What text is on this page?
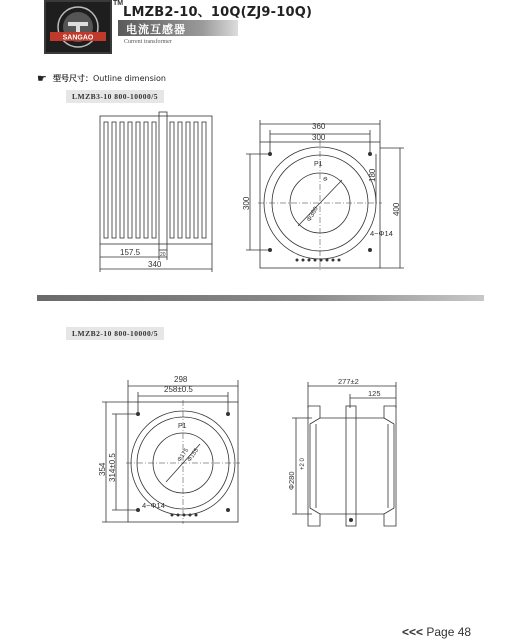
SANGAO
TM
LMZB2-10、10Q(ZJ9-10Q)
电流互感器
Current transformer
☛ 型号尺寸：Outline dimension
LMZB3-10 800-10000/5
157.5	20
340
360
300
300
180
400
4−Φ14
P1
Φ360
Φ
LMZB2-10 800-10000/5
298
258±0.5
354 314±0.5
4−Φ14
P1
Φ175
Φ155
277±2
125
Φ280
+2 0
<<< Page 48
